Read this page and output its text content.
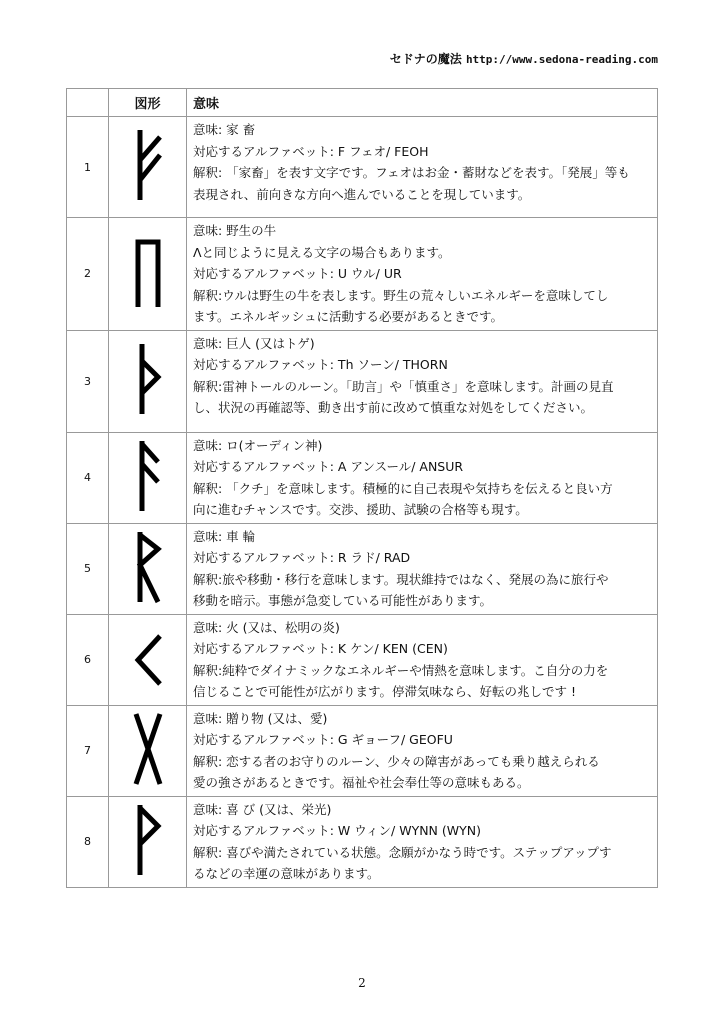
セドナの魔法 http://www.sedona-reading.com
	図形	意味
1		意味: 家 畜
対応するアルファベット: F フェオ/ FEOH
解釈: 「家畜」を表す文字です。フェオはお金・蓄財などを表す。「発展」等も
表現され、前向きな方向へ進んでいることを現しています。

2		意味: 野生の牛
Λと同じように見える文字の場合もあります。
対応するアルファベット: U ウル/ UR
解釈:ウルは野生の牛を表します。野生の荒々しいエネルギーを意味してし
ます。エネルギッシュに活動する必要があるときです。

3		意味: 巨人 (又はトゲ)
対応するアルファベット: Th ソーン/ THORN
解釈:雷神トールのルーン。「助言」や「慎重さ」を意味します。計画の見直
し、状況の再確認等、動き出す前に改めて慎重な対処をしてください。

4		意味: ロ(オーディン神)
対応するアルファベット: A アンスール/ ANSUR
解釈: 「クチ」を意味します。積極的に自己表現や気持ちを伝えると良い方
向に進むチャンスです。交渉、援助、試験の合格等も現す。

5		意味: 車 輪
対応するアルファベット: R ラド/ RAD
解釈:旅や移動・移行を意味します。現状維持ではなく、発展の為に旅行や
移動を暗示。事態が急変している可能性があります。

6		意味: 火 (又は、松明の炎)
対応するアルファベット: K ケン/ KEN (CEN)
解釈:純粋でダイナミックなエネルギーや情熱を意味します。こ自分の力を
信じることで可能性が広がります。停滞気味なら、好転の兆しです !

7		意味: 贈り物 (又は、愛)
対応するアルファベット: G ギョーフ/ GEOFU
解釈: 恋する者のお守りのルーン、少々の障害があっても乗り越えられる
愛の強さがあるときです。福祉や社会奉仕等の意味もある。

8		意味: 喜 び (又は、栄光)
対応するアルファベット: W ウィン/ WYNN (WYN)
解釈: 喜びや満たされている状態。念願がかなう時です。ステップアップす
るなどの幸運の意味があります。
2
